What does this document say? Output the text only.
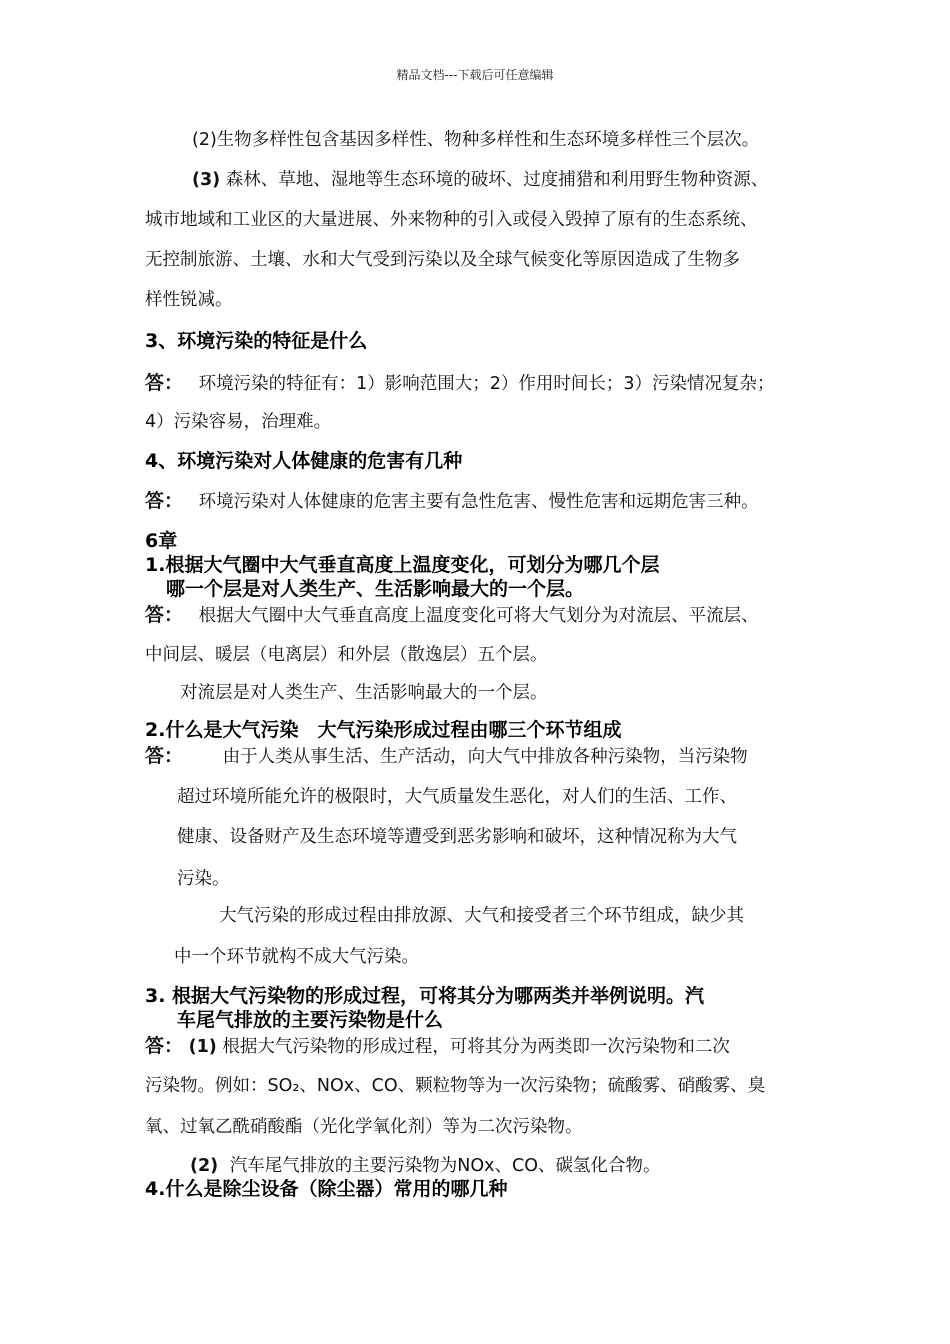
精品文档---下载后可任意编辑
(2)生物多样性包含基因多样性、物种多样性和生态环境多样性三个层次。
(3) 森林、草地、湿地等生态环境的破坏、过度捕猎和利用野生物种资源、
城市地域和工业区的大量进展、外来物种的引入或侵入毁掉了原有的生态系统、
无控制旅游、土壤、水和大气受到污染以及全球气候变化等原因造成了生物多
样性锐减。
3、环境污染的特征是什么
答： 环境污染的特征有：1）影响范围大；2）作用时间长；3）污染情况复杂；
4）污染容易，治理难。
4、环境污染对人体健康的危害有几种
答： 环境污染对人体健康的危害主要有急性危害、慢性危害和远期危害三种。
6章
1.根据大气圈中大气垂直高度上温度变化，可划分为哪几个层
哪一个层是对人类生产、生活影响最大的一个层。
答： 根据大气圈中大气垂直高度上温度变化可将大气划分为对流层、平流层、
中间层、暖层（电离层）和外层（散逸层）五个层。
对流层是对人类生产、生活影响最大的一个层。
2.什么是大气污染　大气污染形成过程由哪三个环节组成
答： 由于人类从事生活、生产活动，向大气中排放各种污染物，当污染物
超过环境所能允许的极限时，大气质量发生恶化，对人们的生活、工作、
健康、设备财产及生态环境等遭受到恶劣影响和破坏，这种情况称为大气
污染。
大气污染的形成过程由排放源、大气和接受者三个环节组成，缺少其
中一个环节就构不成大气污染。
3. 根据大气污染物的形成过程，可将其分为哪两类并举例说明。汽
车尾气排放的主要污染物是什么
答： (1) 根据大气污染物的形成过程，可将其分为两类即一次污染物和二次
污染物。例如：SO₂、NOx、CO、颗粒物等为一次污染物；硫酸雾、硝酸雾、臭
氧、过氧乙酰硝酸酯（光化学氧化剂）等为二次污染物。
(2) 汽车尾气排放的主要污染物为NOx、CO、碳氢化合物。
4.什么是除尘设备（除尘器）常用的哪几种
